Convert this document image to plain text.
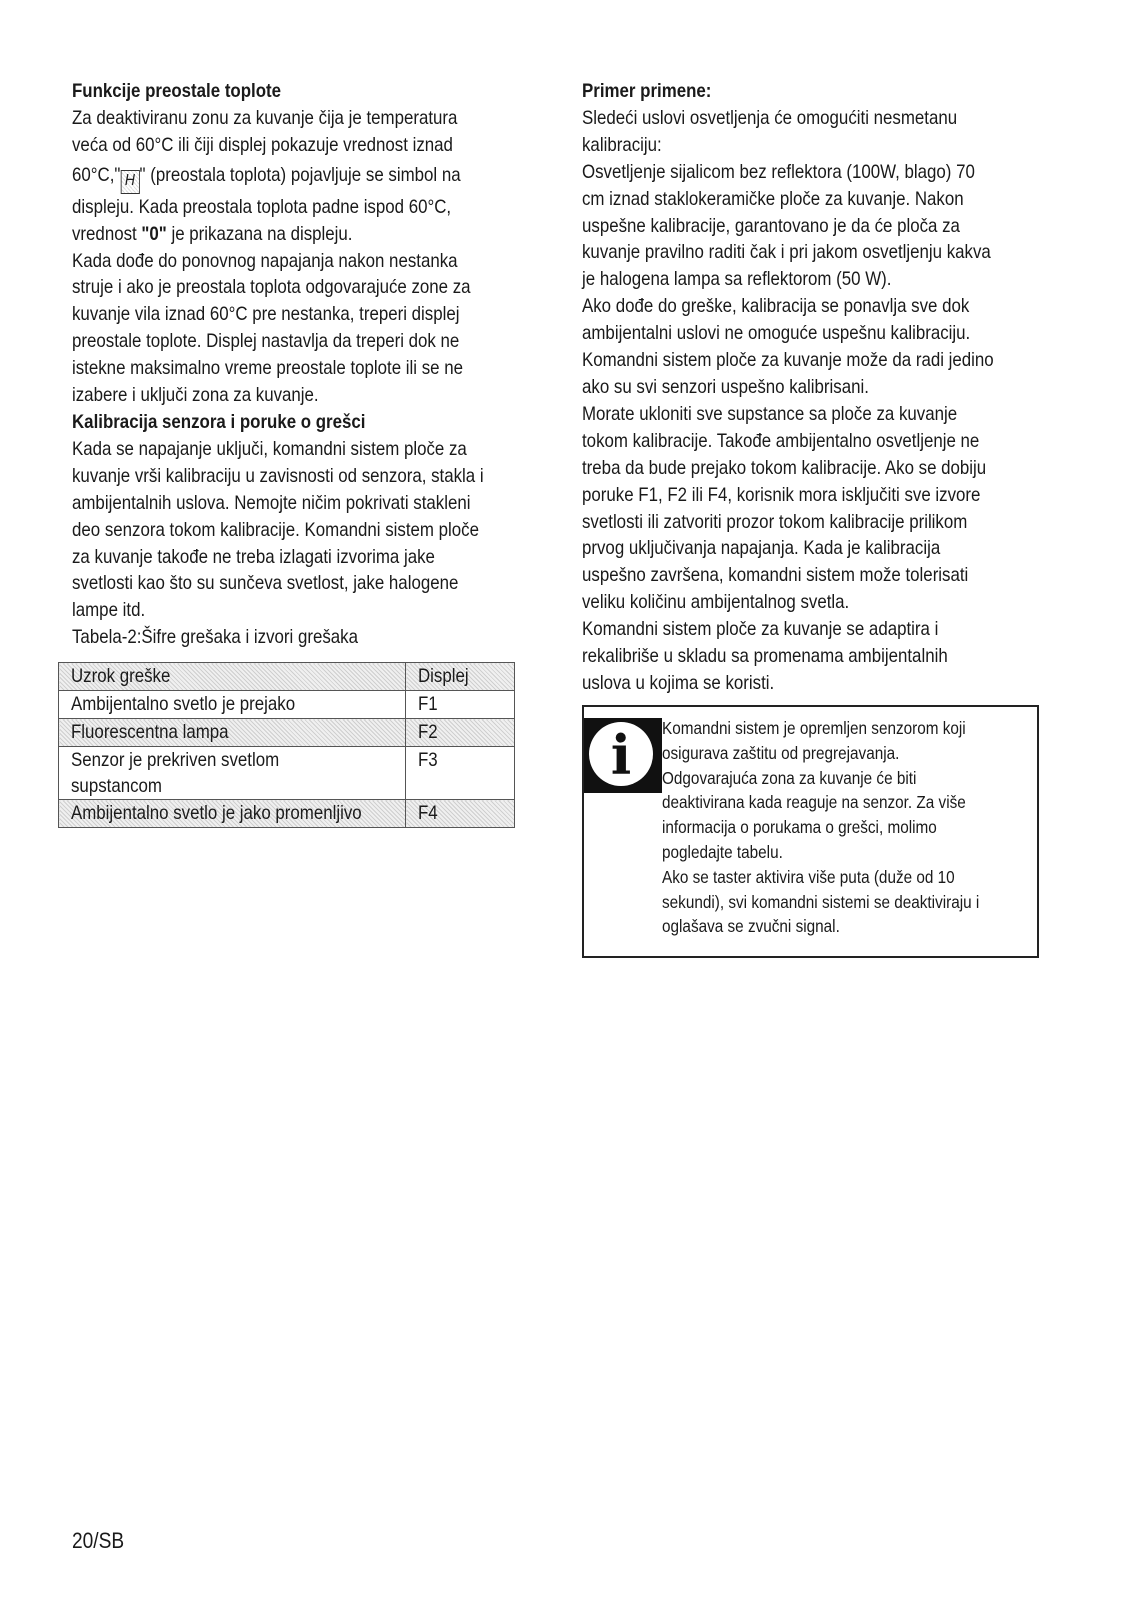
Funkcije preostale toplote

Za deaktiviranu zonu za kuvanje čija je temperatura

veća od 60°C ili čiji displej pokazuje vrednost iznad

60°C," H " (preostala toplota) pojavljuje se simbol na

displeju. Kada preostala toplota padne ispod 60°C,

vrednost "0" je prikazana na displeju.

Kada dođe do ponovnog napajanja nakon nestanka

struje i ako je preostala toplota odgovarajuće zone za

kuvanje vila iznad 60°C pre nestanka, treperi displej

preostale toplote. Displej nastavlja da treperi dok ne

istekne maksimalno vreme preostale toplote ili se ne

izabere i uključi zona za kuvanje.

Kalibracija senzora i poruke o grešci

Kada se napajanje uključi, komandni sistem ploče za

kuvanje vrši kalibraciju u zavisnosti od senzora, stakla i

ambijentalnih uslova. Nemojte ničim pokrivati stakleni

deo senzora tokom kalibracije. Komandni sistem ploče

za kuvanje takođe ne treba izlagati izvorima jake

svetlosti kao što su sunčeva svetlost, jake halogene

lampe itd.

Tabela-2:Šifre grešaka i izvori grešaka

Uzrok greške	Displej
Ambijentalno svetlo je prejako	F1
Fluorescentna lampa	F2
Senzor je prekriven svetlom
supstancom	F3
Ambijentalno svetlo je jako promenljivo	F4

Primer primene:

Sledeći uslovi osvetljenja će omogućiti nesmetanu

kalibraciju:

Osvetljenje sijalicom bez reflektora (100W, blago) 70

cm iznad staklokeramičke ploče za kuvanje. Nakon

uspešne kalibracije, garantovano je da će ploča za

kuvanje pravilno raditi čak i pri jakom osvetljenju kakva

je halogena lampa sa reflektorom (50 W).

Ako dođe do greške, kalibracija se ponavlja sve dok

ambijentalni uslovi ne omoguće uspešnu kalibraciju.

Komandni sistem ploče za kuvanje može da radi jedino

ako su svi senzori uspešno kalibrisani.

Morate ukloniti sve supstance sa ploče za kuvanje

tokom kalibracije. Takođe ambijentalno osvetljenje ne

treba da bude prejako tokom kalibracije. Ako se dobiju

poruke F1, F2 ili F4, korisnik mora isključiti sve izvore

svetlosti ili zatvoriti prozor tokom kalibracije prilikom

prvog uključivanja napajanja. Kada je kalibracija

uspešno završena, komandni sistem može tolerisati

veliku količinu ambijentalnog svetla.

Komandni sistem ploče za kuvanje se adaptira i

rekalibriše u skladu sa promenama ambijentalnih

uslova u kojima se koristi.

i	Komandni sistem je opremljen senzorom koji

osigurava zaštitu od pregrejavanja.

Odgovarajuća zona za kuvanje će biti

deaktivirana kada reaguje na senzor. Za više

informacija o porukama o grešci, molimo

pogledajte tabelu.

Ako se taster aktivira više puta (duže od 10

sekundi), svi komandni sistemi se deaktiviraju i

oglašava se zvučni signal.

20/SB
